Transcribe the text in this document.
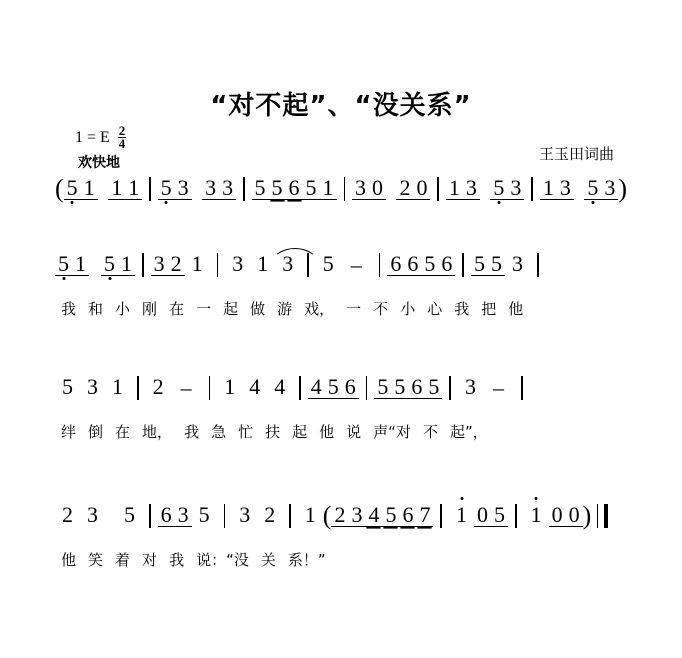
“对不起”、“没关系”
1 = E $\frac{2}{4}$
欢快地	王玉田词曲
( 5 1
1 1 5 3
3 3 5 5 6 5 1 3 0
2 0 1 3
5 3 1 3
5 3 )
5 1
5 1 3 2 1	3 1 3	5 –	6 6 5 6 5 5 3
我 和 小 刚 在 一 起 做 游 戏， 一 不 小 心 我 把 他
5 3 1	2 –	1 4 4	4 5 6 5 5 6 5	3 –
绊 倒 在 地， 我 急 忙 扶 起 他 说 声“对 不 起”，
2 3
	5	6 3 5	3 2	1 ( 2 3 4 5 6 7	1 0 5	1 0 0 )
他 笑 着 对 我 说：“没 关 系！”
